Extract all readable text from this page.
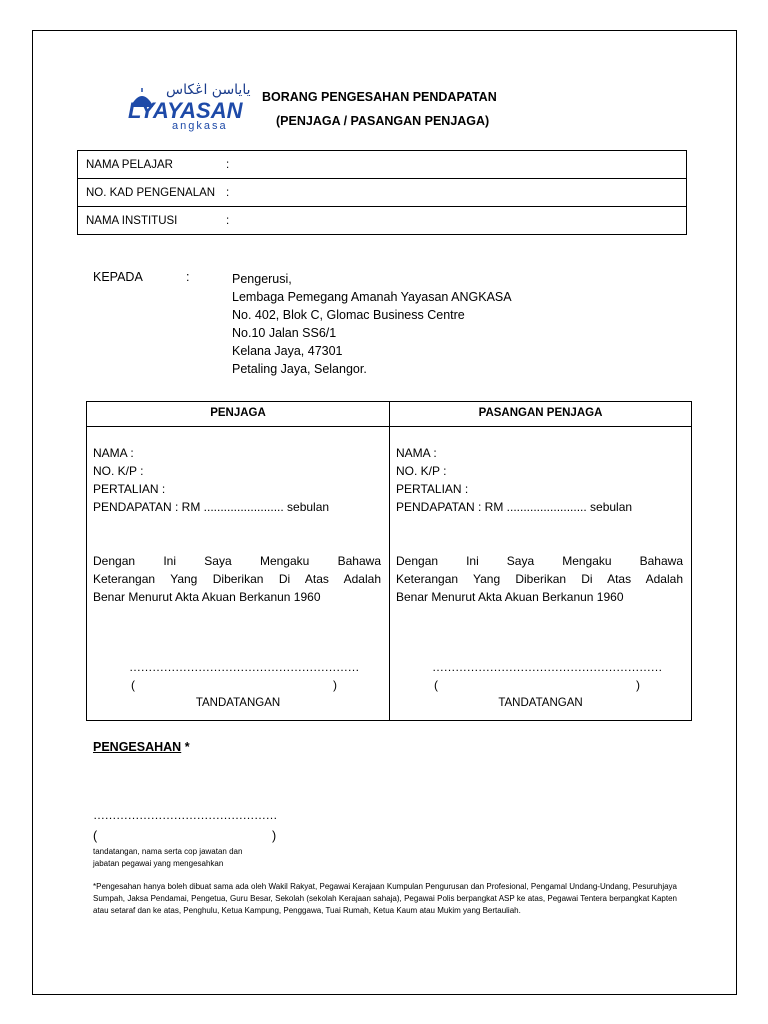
ياياسن اڠكاس
LYAYASAN
angkasa
BORANG PENGESAHAN PENDAPATAN
(PENJAGA / PASANGAN PENJAGA)
NAMA PELAJAR	:
NO. KAD PENGENALAN :
NAMA INSTITUSI	:
KEPADA	:	Pengerusi,
Lembaga Pemegang Amanah Yayasan ANGKASA
No. 402, Blok C, Glomac Business Centre
No.10 Jalan SS6/1
Kelana Jaya, 47301
Petaling Jaya, Selangor.
PENJAGA
NAMA :
NO. K/P :
PERTALIAN :
PENDAPATAN : RM ........................ sebulan
Dengan Ini Saya Mengaku Bahawa
Keterangan Yang Diberikan Di Atas Adalah
Benar Menurut Akta Akuan Berkanun 1960
……………………………………………………
(	)
TANDATANGAN
PASANGAN PENJAGA
NAMA :
NO. K/P :
PERTALIAN :
PENDAPATAN : RM ........................ sebulan
Dengan Ini Saya Mengaku Bahawa
Keterangan Yang Diberikan Di Atas Adalah
Benar Menurut Akta Akuan Berkanun 1960
……………………………………………………
(	)
TANDATANGAN
PENGESAHAN *
…………………………………………
(	)
tandatangan, nama serta cop jawatan dan
jabatan pegawai yang mengesahkan
*Pengesahan hanya boleh dibuat sama ada oleh Wakil Rakyat, Pegawai Kerajaan Kumpulan Pengurusan dan Profesional, Pengamal Undang-Undang, Pesuruhjaya Sumpah, Jaksa Pendamai, Pengetua, Guru Besar, Sekolah (sekolah Kerajaan sahaja), Pegawai Polis berpangkat ASP ke atas, Pegawai Tentera berpangkat Kapten atau setaraf dan ke atas, Penghulu, Ketua Kampung, Penggawa, Tuai Rumah, Ketua Kaum atau Mukim yang Bertauliah.
